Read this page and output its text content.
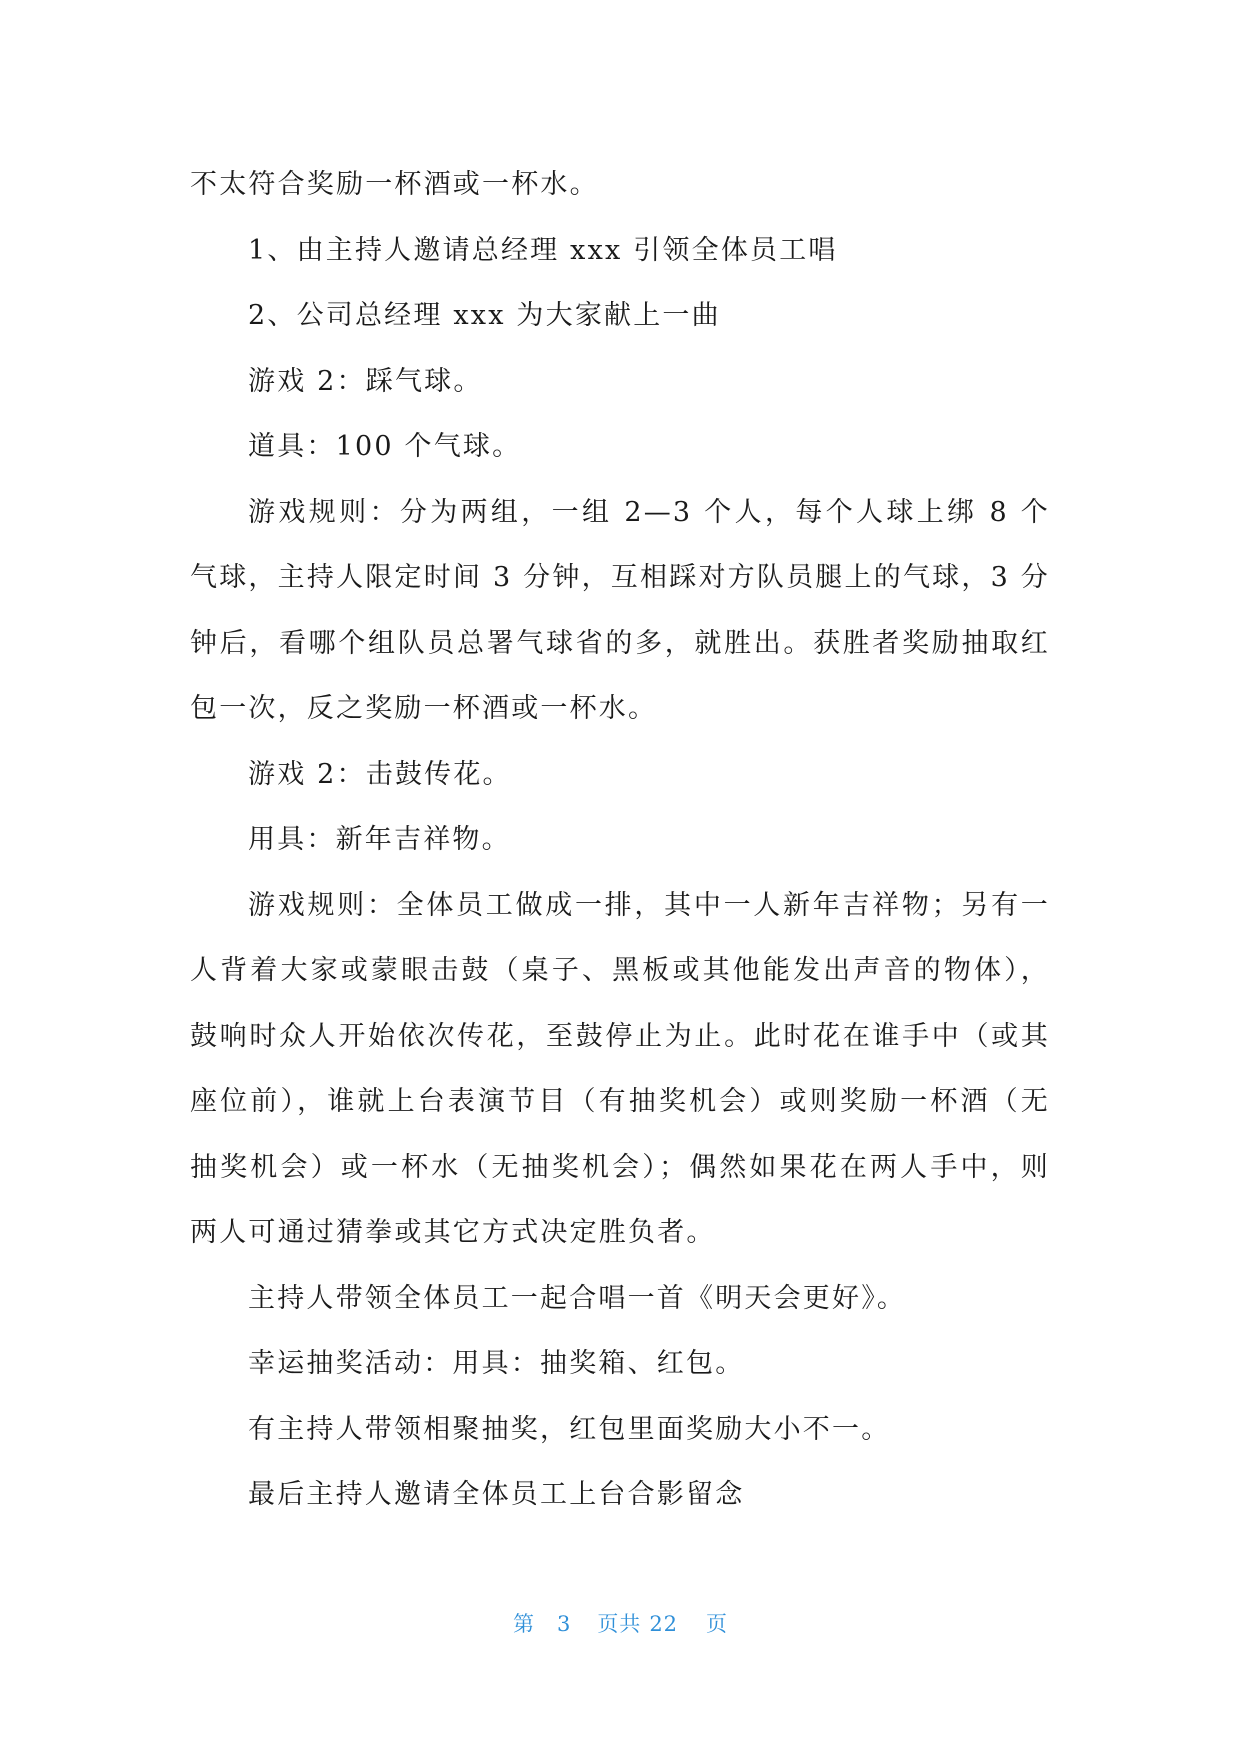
不太符合奖励一杯酒或一杯水。

1、由主持人邀请总经理 xxx 引领全体员工唱

2、公司总经理 xxx 为大家献上一曲

游戏 2：踩气球。

道具：100 个气球。

游戏规则：分为两组，一组 2—3 个人，每个人球上绑 8 个气球，主持人限定时间 3 分钟，互相踩对方队员腿上的气球，3 分钟后，看哪个组队员总署气球省的多，就胜出。获胜者奖励抽取红包一次，反之奖励一杯酒或一杯水。

游戏 2：击鼓传花。

用具：新年吉祥物。

游戏规则：全体员工做成一排，其中一人新年吉祥物；另有一人背着大家或蒙眼击鼓（桌子、黑板或其他能发出声音的物体），鼓响时众人开始依次传花，至鼓停止为止。此时花在谁手中（或其座位前），谁就上台表演节目（有抽奖机会）或则奖励一杯酒（无抽奖机会）或一杯水（无抽奖机会）；偶然如果花在两人手中，则两人可通过猜拳或其它方式决定胜负者。

主持人带领全体员工一起合唱一首《明天会更好》。

幸运抽奖活动：用具：抽奖箱、红包。

有主持人带领相聚抽奖，红包里面奖励大小不一。

最后主持人邀请全体员工上台合影留念

第 3 页共 22 页
